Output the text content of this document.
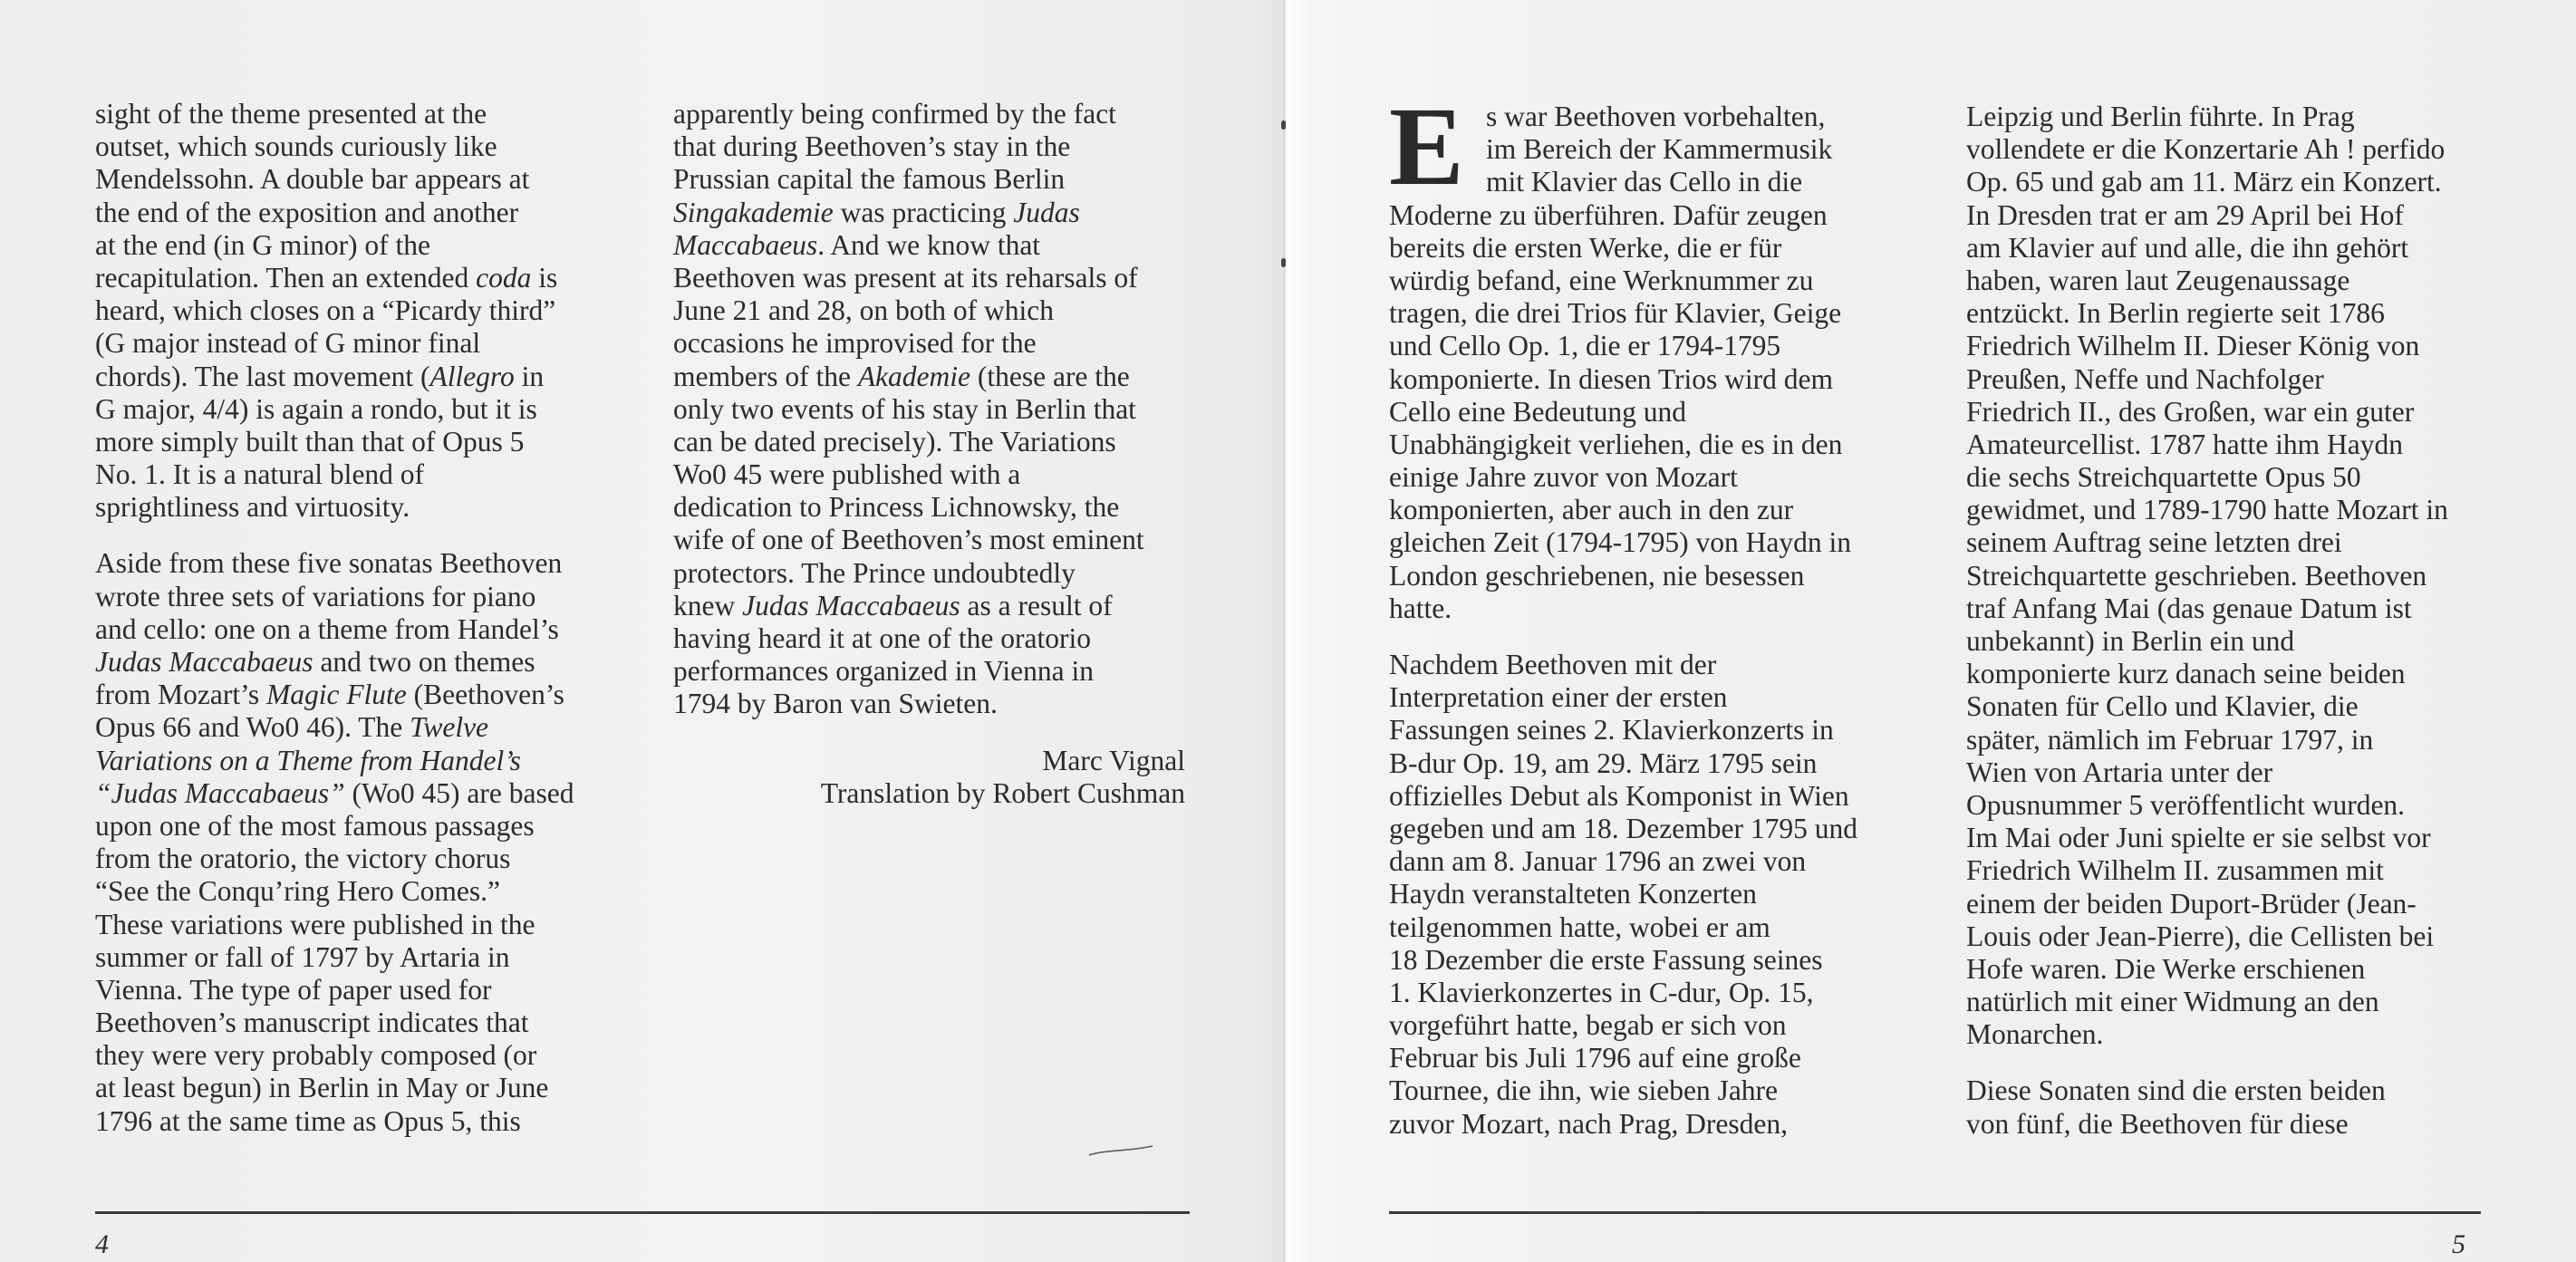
sight of the theme presented at the
outset, which sounds curiously like
Mendelssohn. A double bar appears at
the end of the exposition and another
at the end (in G minor) of the
recapitulation. Then an extended coda is
heard, which closes on a “Picardy third”
(G major instead of G minor final
chords). The last movement (Allegro in
G major, 4/4) is again a rondo, but it is
more simply built than that of Opus 5
No. 1. It is a natural blend of
sprightliness and virtuosity.
Aside from these five sonatas Beethoven
wrote three sets of variations for piano
and cello: one on a theme from Handel’s
Judas Maccabaeus and two on themes
from Mozart’s Magic Flute (Beethoven’s
Opus 66 and Wo0 46). The Twelve
Variations on a Theme from Handel’s
“Judas Maccabaeus” (Wo0 45) are based
upon one of the most famous passages
from the oratorio, the victory chorus
“See the Conqu’ring Hero Comes.”
These variations were published in the
summer or fall of 1797 by Artaria in
Vienna. The type of paper used for
Beethoven’s manuscript indicates that
they were very probably composed (or
at least begun) in Berlin in May or June
1796 at the same time as Opus 5, this
apparently being confirmed by the fact
that during Beethoven’s stay in the
Prussian capital the famous Berlin
Singakademie was practicing Judas
Maccabaeus. And we know that
Beethoven was present at its reharsals of
June 21 and 28, on both of which
occasions he improvised for the
members of the Akademie (these are the
only two events of his stay in Berlin that
can be dated precisely). The Variations
Wo0 45 were published with a
dedication to Princess Lichnowsky, the
wife of one of Beethoven’s most eminent
protectors. The Prince undoubtedly
knew Judas Maccabaeus as a result of
having heard it at one of the oratorio
performances organized in Vienna in
1794 by Baron van Swieten.
Marc Vignal
Translation by Robert Cushman
E s war Beethoven vorbehalten,
im Bereich der Kammermusik
mit Klavier das Cello in die
Moderne zu überführen. Dafür zeugen
bereits die ersten Werke, die er für
würdig befand, eine Werknummer zu
tragen, die drei Trios für Klavier, Geige
und Cello Op. 1, die er 1794-1795
komponierte. In diesen Trios wird dem
Cello eine Bedeutung und
Unabhängigkeit verliehen, die es in den
einige Jahre zuvor von Mozart
komponierten, aber auch in den zur
gleichen Zeit (1794-1795) von Haydn in
London geschriebenen, nie besessen
hatte.
Nachdem Beethoven mit der
Interpretation einer der ersten
Fassungen seines 2. Klavierkonzerts in
B-dur Op. 19, am 29. März 1795 sein
offizielles Debut als Komponist in Wien
gegeben und am 18. Dezember 1795 und
dann am 8. Januar 1796 an zwei von
Haydn veranstalteten Konzerten
teilgenommen hatte, wobei er am
18 Dezember die erste Fassung seines
1. Klavierkonzertes in C-dur, Op. 15,
vorgeführt hatte, begab er sich von
Februar bis Juli 1796 auf eine große
Tournee, die ihn, wie sieben Jahre
zuvor Mozart, nach Prag, Dresden,
Leipzig und Berlin führte. In Prag
vollendete er die Konzertarie Ah ! perfido
Op. 65 und gab am 11. März ein Konzert.
In Dresden trat er am 29 April bei Hof
am Klavier auf und alle, die ihn gehört
haben, waren laut Zeugenaussage
entzückt. In Berlin regierte seit 1786
Friedrich Wilhelm II. Dieser König von
Preußen, Neffe und Nachfolger
Friedrich II., des Großen, war ein guter
Amateurcellist. 1787 hatte ihm Haydn
die sechs Streichquartette Opus 50
gewidmet, und 1789-1790 hatte Mozart in
seinem Auftrag seine letzten drei
Streichquartette geschrieben. Beethoven
traf Anfang Mai (das genaue Datum ist
unbekannt) in Berlin ein und
komponierte kurz danach seine beiden
Sonaten für Cello und Klavier, die
später, nämlich im Februar 1797, in
Wien von Artaria unter der
Opusnummer 5 veröffentlicht wurden.
Im Mai oder Juni spielte er sie selbst vor
Friedrich Wilhelm II. zusammen mit
einem der beiden Duport-Brüder (Jean-
Louis oder Jean-Pierre), die Cellisten bei
Hofe waren. Die Werke erschienen
natürlich mit einer Widmung an den
Monarchen.
Diese Sonaten sind die ersten beiden
von fünf, die Beethoven für diese
4	5
